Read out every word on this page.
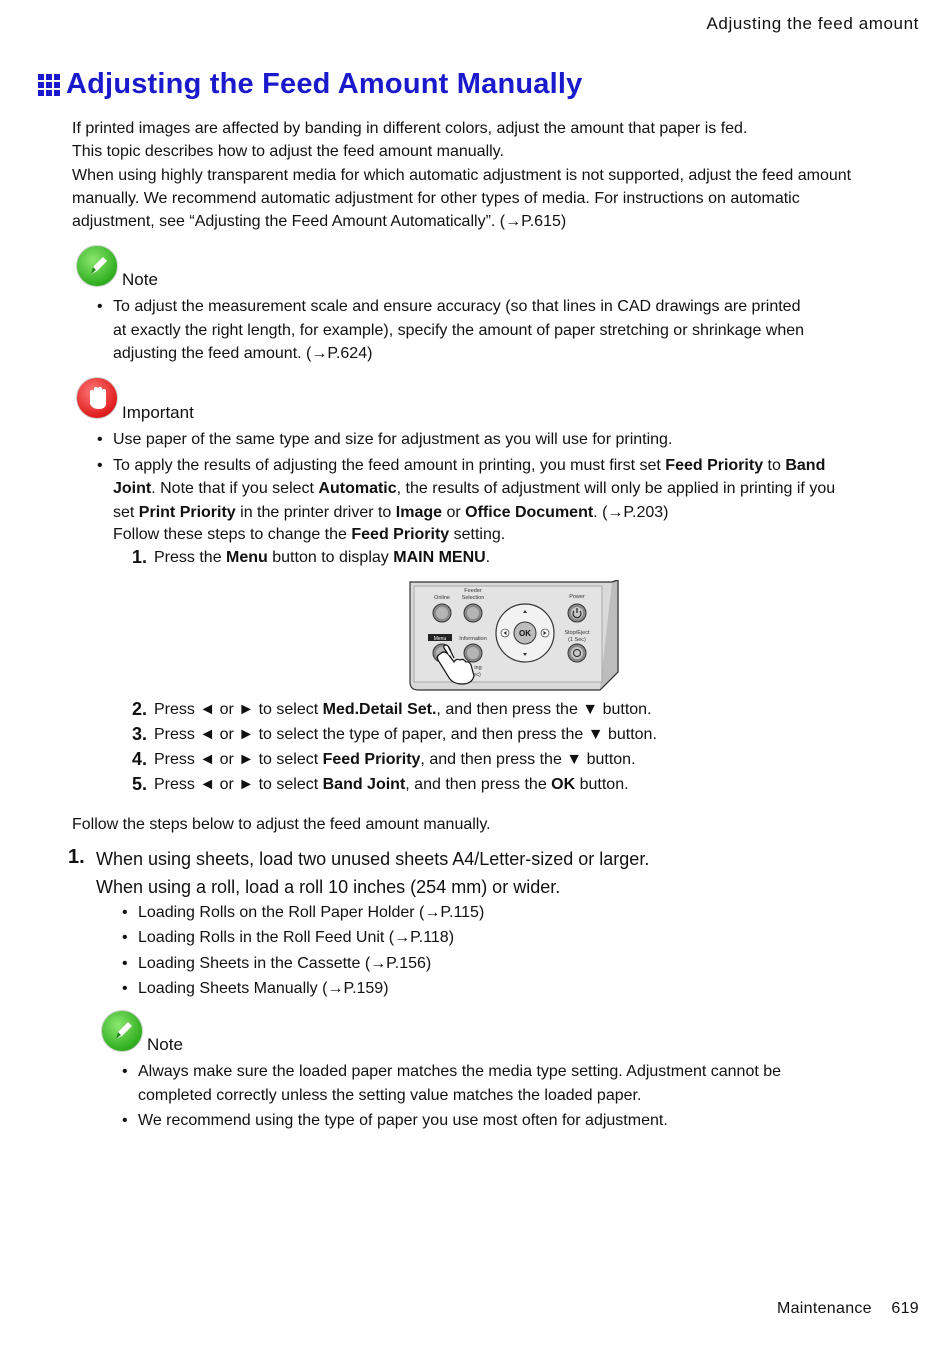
Adjusting the feed amount
Adjusting the Feed Amount Manually
If printed images are affected by banding in different colors, adjust the amount that paper is fed.
This topic describes how to adjust the feed amount manually.
When using highly transparent media for which automatic adjustment is not supported, adjust the feed amount
manually. We recommend automatic adjustment for other types of media. For instructions on automatic
adjustment, see “Adjusting the Feed Amount Automatically”. (→P.615)
Note
• To adjust the measurement scale and ensure accuracy (so that lines in CAD drawings are printed
at exactly the right length, for example), specify the amount of paper stretching or shrinkage when
adjusting the feed amount. (→P.624)
Important
• Use paper of the same type and size for adjustment as you will use for printing.
• To apply the results of adjusting the feed amount in printing, you must first set Feed Priority to Band
Joint. Note that if you select Automatic, the results of adjustment will only be applied in printing if you
set Print Priority in the printer driver to Image or Office Document. (→P.203)
Follow these steps to change the Feed Priority setting.
1. Press the Menu button to display MAIN MENU.
Feeder
Selection
Online	Power
Menu Information
OK	Stop/Eject
(1 Sec)
ing
ec)
2. Press ◄ or ► to select Med.Detail Set., and then press the ▼ button.
3. Press ◄ or ► to select the type of paper, and then press the ▼ button.
4. Press ◄ or ► to select Feed Priority, and then press the ▼ button.
5. Press ◄ or ► to select Band Joint, and then press the OK button.
Follow the steps below to adjust the feed amount manually.
1. When using sheets, load two unused sheets A4/Letter-sized or larger.
When using a roll, load a roll 10 inches (254 mm) or wider.
• Loading Rolls on the Roll Paper Holder (→P.115)
• Loading Rolls in the Roll Feed Unit (→P.118)
• Loading Sheets in the Cassette (→P.156)
• Loading Sheets Manually (→P.159)
Note
• Always make sure the loaded paper matches the media type setting. Adjustment cannot be
completed correctly unless the setting value matches the loaded paper.
• We recommend using the type of paper you use most often for adjustment.
Maintenance 619
